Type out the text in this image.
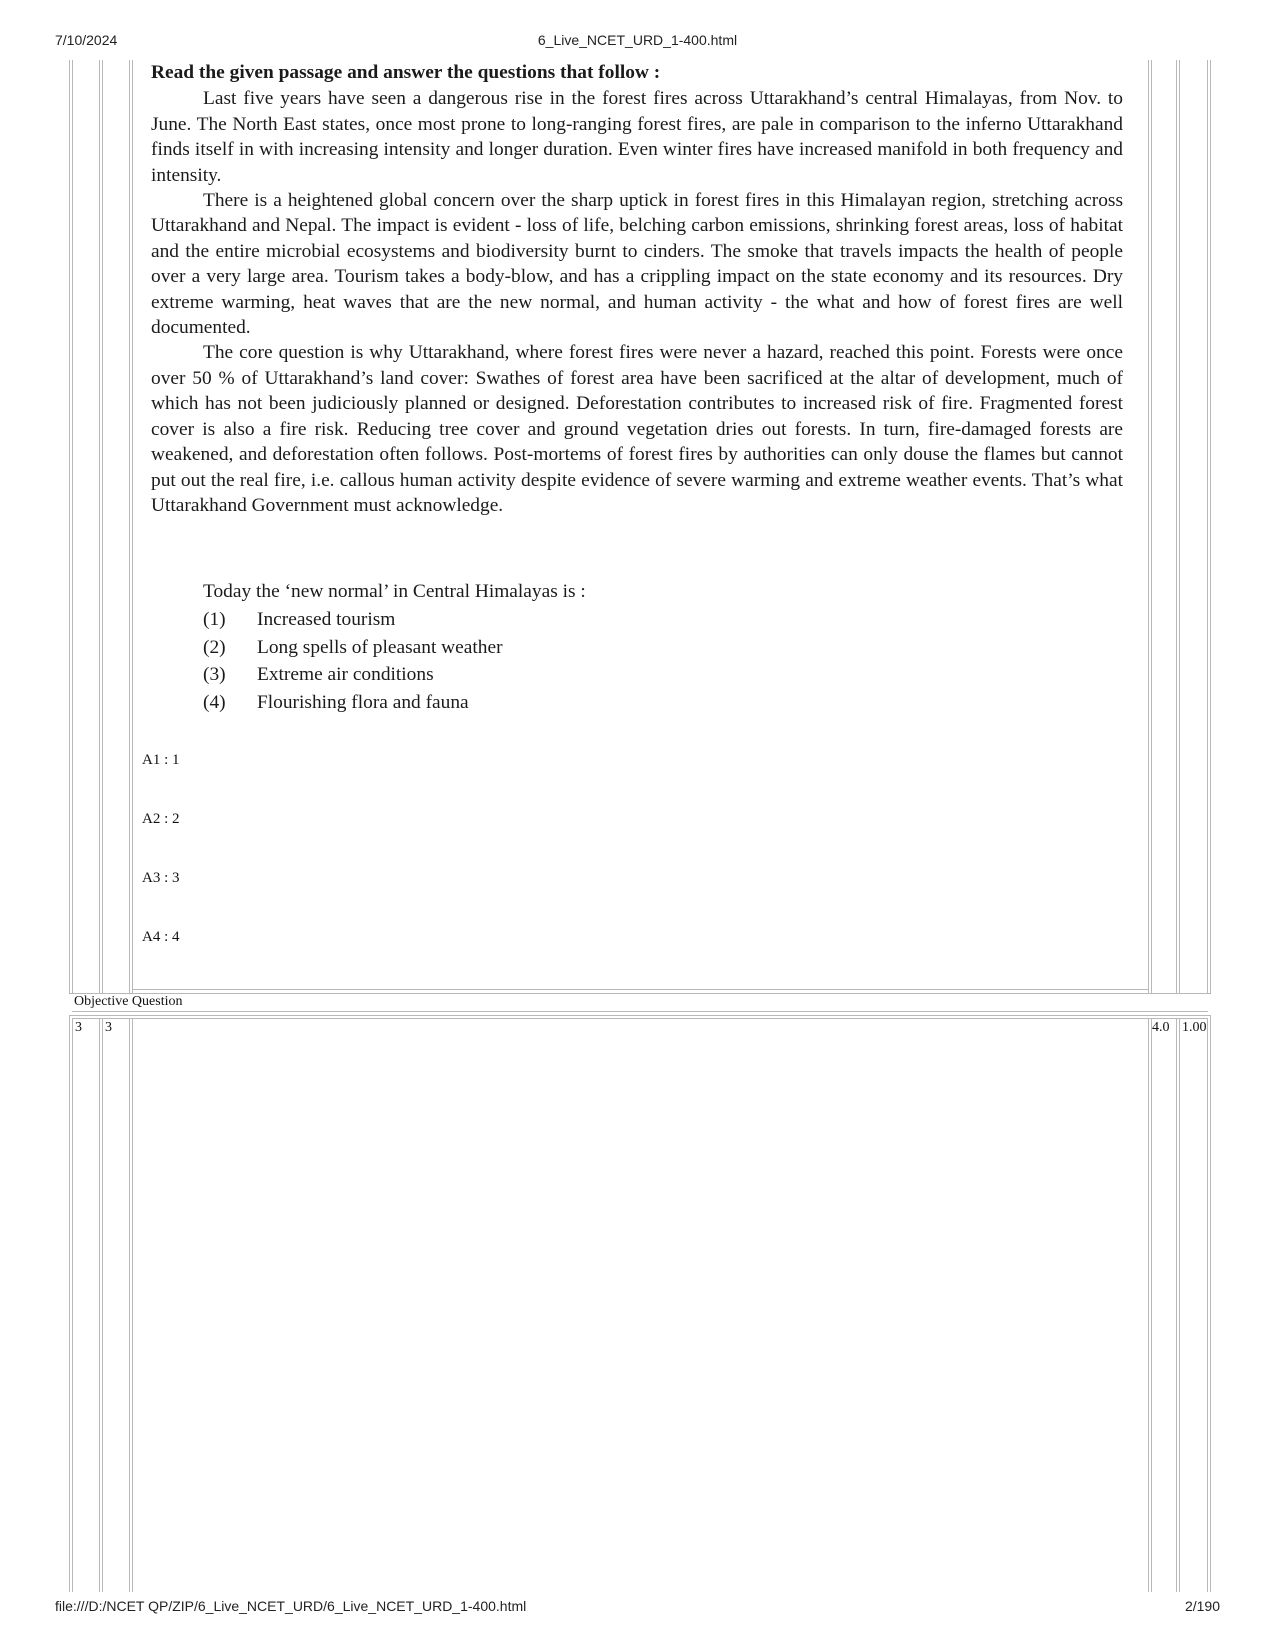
7/10/2024	6_Live_NCET_URD_1-400.html
Read the given passage and answer the questions that follow :

Last five years have seen a dangerous rise in the forest fires across Uttarakhand’s central Himalayas, from Nov. to June. The North East states, once most prone to long-ranging forest fires, are pale in comparison to the inferno Uttarakhand finds itself in with increasing intensity and longer duration. Even winter fires have increased manifold in both frequency and intensity.

There is a heightened global concern over the sharp uptick in forest fires in this Himalayan region, stretching across Uttarakhand and Nepal. The impact is evident - loss of life, belching carbon emissions, shrinking forest areas, loss of habitat and the entire microbial ecosystems and biodiversity burnt to cinders. The smoke that travels impacts the health of people over a very large area. Tourism takes a body-blow, and has a crippling impact on the state economy and its resources. Dry extreme warming, heat waves that are the new normal, and human activity - the what and how of forest fires are well documented.

The core question is why Uttarakhand, where forest fires were never a hazard, reached this point. Forests were once over 50 % of Uttarakhand’s land cover: Swathes of forest area have been sacrificed at the altar of development, much of which has not been judiciously planned or designed. Deforestation contributes to increased risk of fire. Fragmented forest cover is also a fire risk. Reducing tree cover and ground vegetation dries out forests. In turn, fire-damaged forests are weakened, and deforestation often follows. Post-mortems of forest fires by authorities can only douse the flames but cannot put out the real fire, i.e. callous human activity despite evidence of severe warming and extreme weather events. That’s what Uttarakhand Government must acknowledge.

Today the ‘new normal’ in Central Himalayas is :
(1)	Increased tourism
(2)	Long spells of pleasant weather
(3)	Extreme air conditions
(4)	Flourishing flora and fauna
A1 : 1
A2 : 2
A3 : 3
A4 : 4
Objective Question
3 3	4.0 1.00
file:///D:/NCET QP/ZIP/6_Live_NCET_URD/6_Live_NCET_URD_1-400.html	2/190
